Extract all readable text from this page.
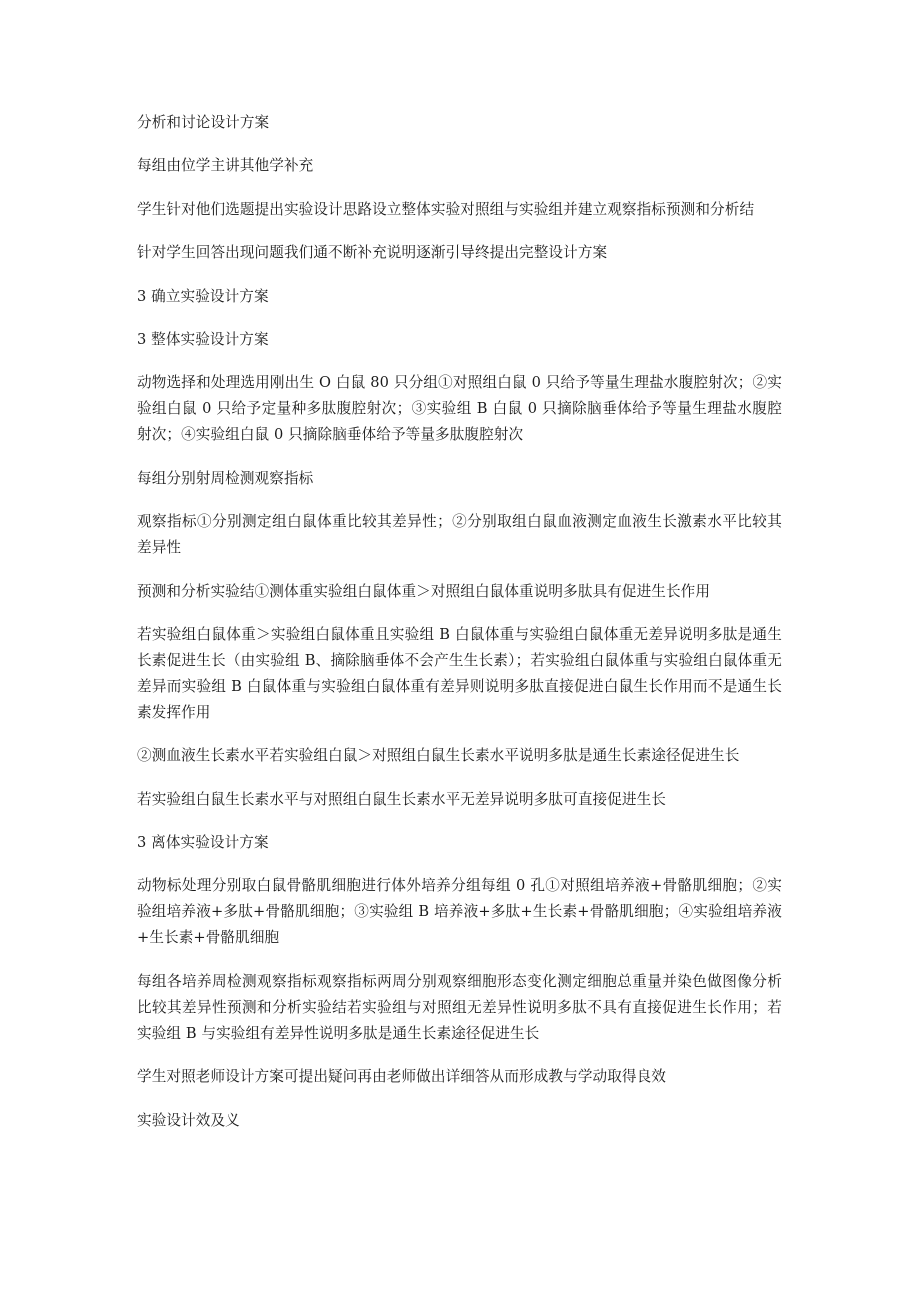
分析和讨论设计方案

每组由位学主讲其他学补充

学生针对他们选题提出实验设计思路设立整体实验对照组与实验组并建立观察指标预测和分析结

针对学生回答出现问题我们通不断补充说明逐渐引导终提出完整设计方案

3 确立实验设计方案

3 整体实验设计方案

动物选择和处理选用刚出生 O 白鼠 80 只分组①对照组白鼠 0 只给予等量生理盐水腹腔射次；②实验组白鼠 0 只给予定量种多肽腹腔射次；③实验组 B 白鼠 0 只摘除脑垂体给予等量生理盐水腹腔射次；④实验组白鼠 0 只摘除脑垂体给予等量多肽腹腔射次

每组分别射周检测观察指标

观察指标①分别测定组白鼠体重比较其差异性；②分别取组白鼠血液测定血液生长激素水平比较其差异性

预测和分析实验结①测体重实验组白鼠体重＞对照组白鼠体重说明多肽具有促进生长作用

若实验组白鼠体重＞实验组白鼠体重且实验组 B 白鼠体重与实验组白鼠体重无差异说明多肽是通生长素促进生长（由实验组 B、摘除脑垂体不会产生生长素）；若实验组白鼠体重与实验组白鼠体重无差异而实验组 B 白鼠体重与实验组白鼠体重有差异则说明多肽直接促进白鼠生长作用而不是通生长素发挥作用

②测血液生长素水平若实验组白鼠＞对照组白鼠生长素水平说明多肽是通生长素途径促进生长

若实验组白鼠生长素水平与对照组白鼠生长素水平无差异说明多肽可直接促进生长

3 离体实验设计方案

动物标处理分别取白鼠骨骼肌细胞进行体外培养分组每组 0 孔①对照组培养液+骨骼肌细胞；②实验组培养液+多肽+骨骼肌细胞；③实验组 B 培养液+多肽+生长素+骨骼肌细胞；④实验组培养液+生长素+骨骼肌细胞

每组各培养周检测观察指标观察指标两周分别观察细胞形态变化测定细胞总重量并染色做图像分析比较其差异性预测和分析实验结若实验组与对照组无差异性说明多肽不具有直接促进生长作用；若实验组 B 与实验组有差异性说明多肽是通生长素途径促进生长

学生对照老师设计方案可提出疑问再由老师做出详细答从而形成教与学动取得良效

实验设计效及义
